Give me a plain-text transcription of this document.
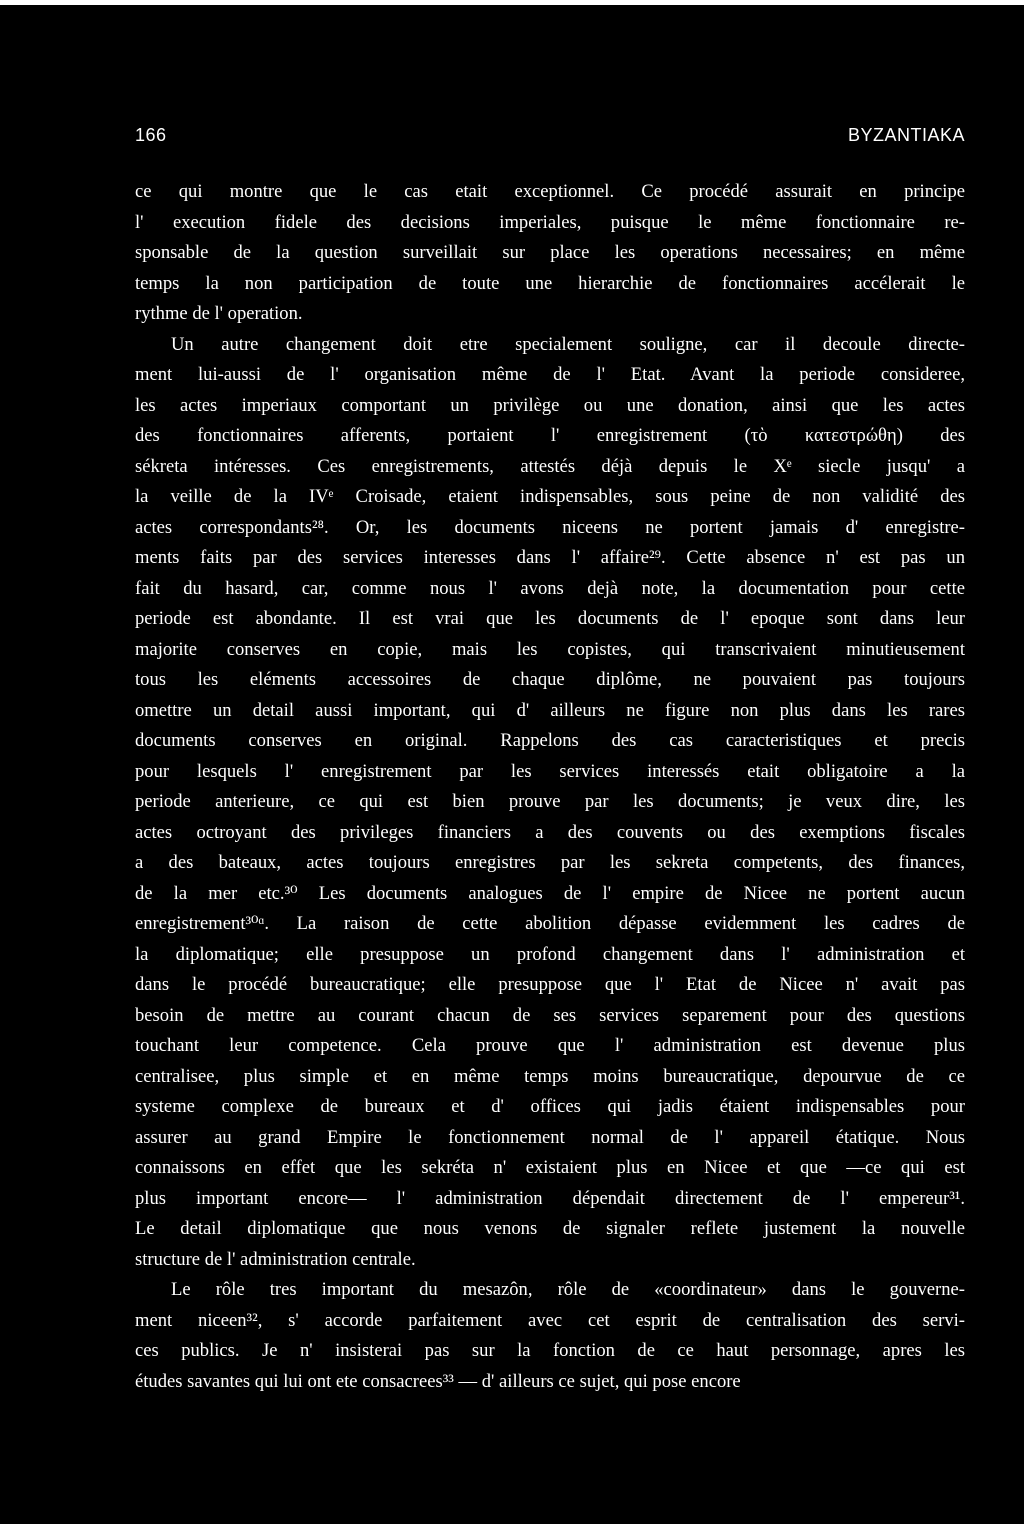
166	BYZANTIAKA
ce qui montre que le cas etait exceptionnel. Ce procédé assurait en principe
l' execution fidele des decisions imperiales, puisque le même fonctionnaire re-
sponsable de la question surveillait sur place les operations necessaires; en même
temps la non participation de toute une hierarchie de fonctionnaires accélerait le
rythme de l' operation.
Un autre changement doit etre specialement souligne, car il decoule directe-
ment lui-aussi de l' organisation même de l' Etat. Avant la periode consideree,
les actes imperiaux comportant un privilège ou une donation, ainsi que les actes
des fonctionnaires afferents, portaient l' enregistrement (τὸ κατεστρώθη) des
sékreta intéresses. Ces enregistrements, attestés déjà depuis le Xᵉ siecle jusqu' a
la veille de la IVᵉ Croisade, etaient indispensables, sous peine de non validité des
actes correspondants²⁸. Or, les documents niceens ne portent jamais d' enregistre-
ments faits par des services interesses dans l' affaire²⁹. Cette absence n' est pas un
fait du hasard, car, comme nous l' avons dejà note, la documentation pour cette
periode est abondante. Il est vrai que les documents de l' epoque sont dans leur
majorite conserves en copie, mais les copistes, qui transcrivaient minutieusement
tous les eléments accessoires de chaque diplôme, ne pouvaient pas toujours
omettre un detail aussi important, qui d' ailleurs ne figure non plus dans les rares
documents conserves en original. Rappelons des cas caracteristiques et precis
pour lesquels l' enregistrement par les services interessés etait obligatoire a la
periode anterieure, ce qui est bien prouve par les documents; je veux dire, les
actes octroyant des privileges financiers a des couvents ou des exemptions fiscales
a des bateaux, actes toujours enregistres par les sekreta competents, des finances,
de la mer etc.³⁰ Les documents analogues de l' empire de Nicee ne portent aucun
enregistrement³⁰ᵅ. La raison de cette abolition dépasse evidemment les cadres de
la diplomatique; elle presuppose un profond changement dans l' administration et
dans le procédé bureaucratique; elle presuppose que l' Etat de Nicee n' avait pas
besoin de mettre au courant chacun de ses services separement pour des questions
touchant leur competence. Cela prouve que l' administration est devenue plus
centralisee, plus simple et en même temps moins bureaucratique, depourvue de ce
systeme complexe de bureaux et d' offices qui jadis étaient indispensables pour
assurer au grand Empire le fonctionnement normal de l' appareil étatique. Nous
connaissons en effet que les sekréta n' existaient plus en Nicee et que —ce qui est
plus important encore— l' administration dépendait directement de l' empereur³¹.
Le detail diplomatique que nous venons de signaler reflete justement la nouvelle
structure de l' administration centrale.
Le rôle tres important du mesazôn, rôle de «coordinateur» dans le gouverne-
ment niceen³², s' accorde parfaitement avec cet esprit de centralisation des servi-
ces publics. Je n' insisterai pas sur la fonction de ce haut personnage, apres les
études savantes qui lui ont ete consacrees³³ — d' ailleurs ce sujet, qui pose encore
